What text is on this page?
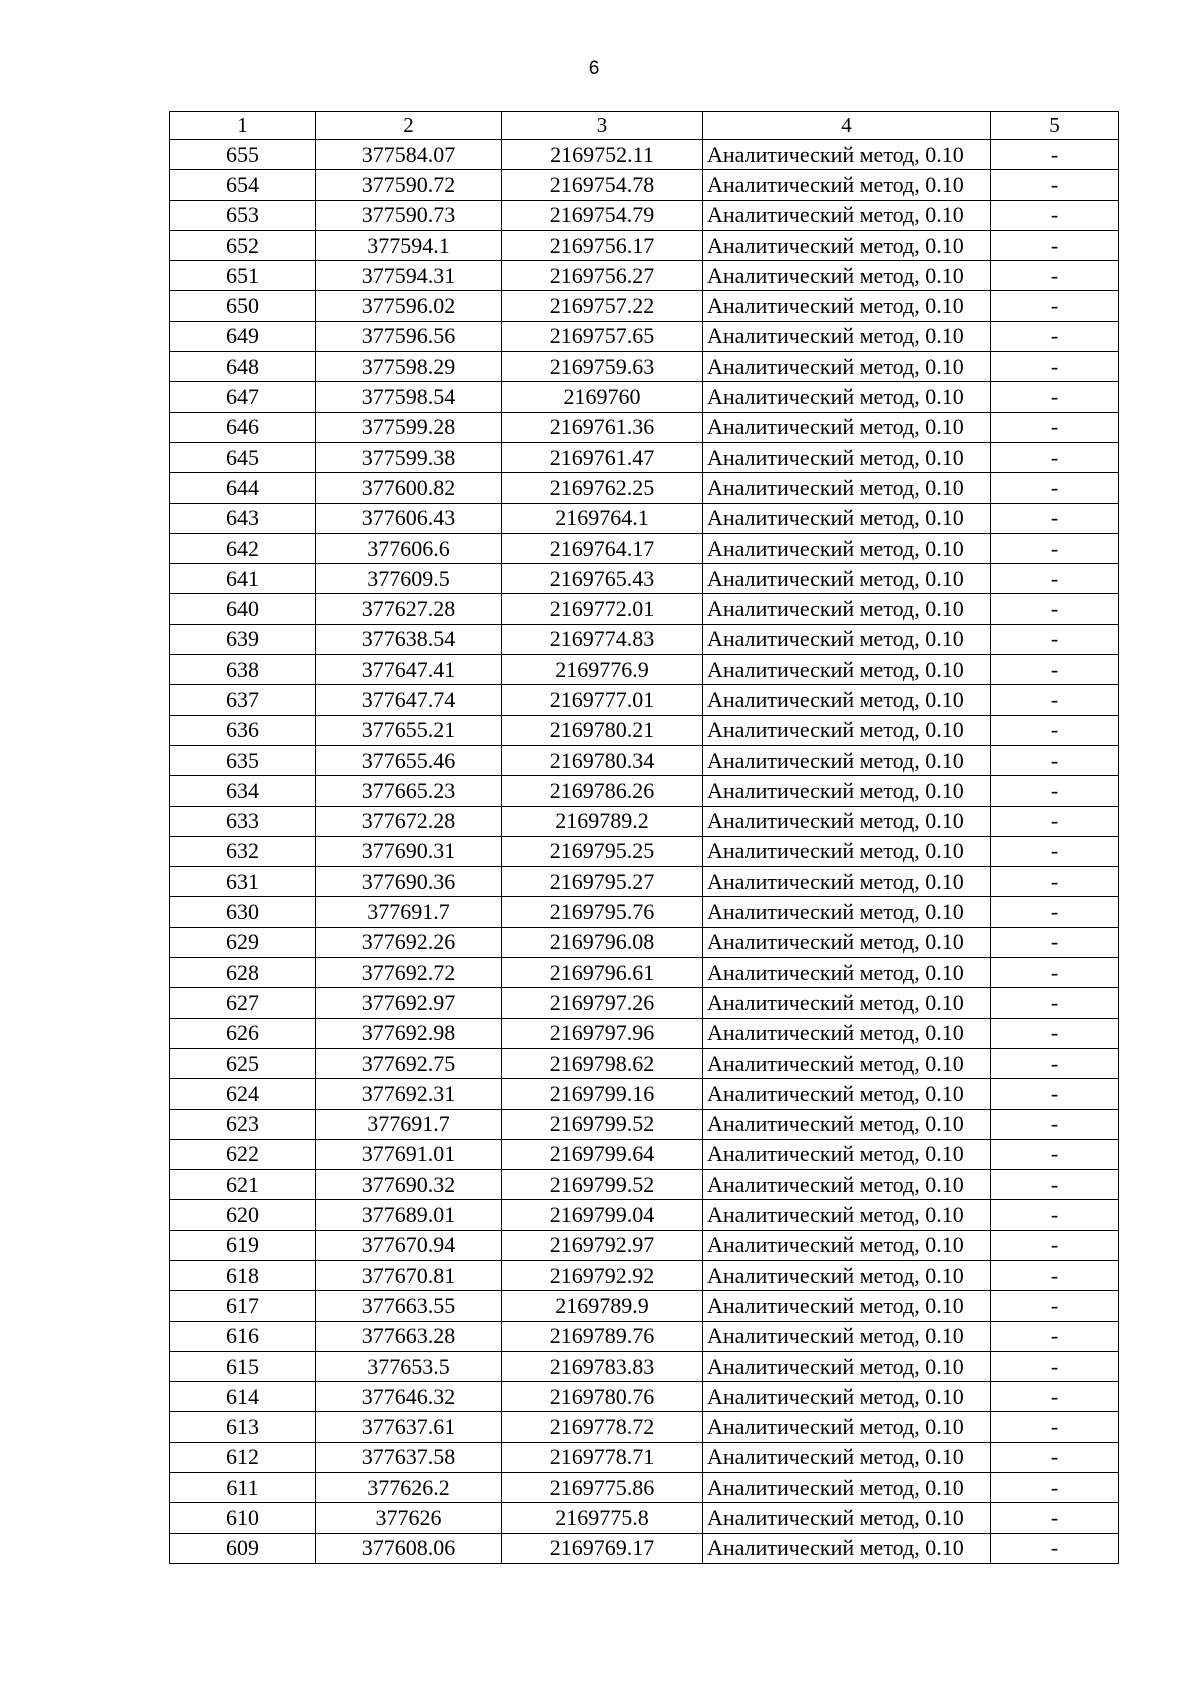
6
1	2	3	4	5
655	377584.07	2169752.11	Аналитический метод, 0.10	-
654	377590.72	2169754.78	Аналитический метод, 0.10	-
653	377590.73	2169754.79	Аналитический метод, 0.10	-
652	377594.1	2169756.17	Аналитический метод, 0.10	-
651	377594.31	2169756.27	Аналитический метод, 0.10	-
650	377596.02	2169757.22	Аналитический метод, 0.10	-
649	377596.56	2169757.65	Аналитический метод, 0.10	-
648	377598.29	2169759.63	Аналитический метод, 0.10	-
647	377598.54	2169760	Аналитический метод, 0.10	-
646	377599.28	2169761.36	Аналитический метод, 0.10	-
645	377599.38	2169761.47	Аналитический метод, 0.10	-
644	377600.82	2169762.25	Аналитический метод, 0.10	-
643	377606.43	2169764.1	Аналитический метод, 0.10	-
642	377606.6	2169764.17	Аналитический метод, 0.10	-
641	377609.5	2169765.43	Аналитический метод, 0.10	-
640	377627.28	2169772.01	Аналитический метод, 0.10	-
639	377638.54	2169774.83	Аналитический метод, 0.10	-
638	377647.41	2169776.9	Аналитический метод, 0.10	-
637	377647.74	2169777.01	Аналитический метод, 0.10	-
636	377655.21	2169780.21	Аналитический метод, 0.10	-
635	377655.46	2169780.34	Аналитический метод, 0.10	-
634	377665.23	2169786.26	Аналитический метод, 0.10	-
633	377672.28	2169789.2	Аналитический метод, 0.10	-
632	377690.31	2169795.25	Аналитический метод, 0.10	-
631	377690.36	2169795.27	Аналитический метод, 0.10	-
630	377691.7	2169795.76	Аналитический метод, 0.10	-
629	377692.26	2169796.08	Аналитический метод, 0.10	-
628	377692.72	2169796.61	Аналитический метод, 0.10	-
627	377692.97	2169797.26	Аналитический метод, 0.10	-
626	377692.98	2169797.96	Аналитический метод, 0.10	-
625	377692.75	2169798.62	Аналитический метод, 0.10	-
624	377692.31	2169799.16	Аналитический метод, 0.10	-
623	377691.7	2169799.52	Аналитический метод, 0.10	-
622	377691.01	2169799.64	Аналитический метод, 0.10	-
621	377690.32	2169799.52	Аналитический метод, 0.10	-
620	377689.01	2169799.04	Аналитический метод, 0.10	-
619	377670.94	2169792.97	Аналитический метод, 0.10	-
618	377670.81	2169792.92	Аналитический метод, 0.10	-
617	377663.55	2169789.9	Аналитический метод, 0.10	-
616	377663.28	2169789.76	Аналитический метод, 0.10	-
615	377653.5	2169783.83	Аналитический метод, 0.10	-
614	377646.32	2169780.76	Аналитический метод, 0.10	-
613	377637.61	2169778.72	Аналитический метод, 0.10	-
612	377637.58	2169778.71	Аналитический метод, 0.10	-
611	377626.2	2169775.86	Аналитический метод, 0.10	-
610	377626	2169775.8	Аналитический метод, 0.10	-
609	377608.06	2169769.17	Аналитический метод, 0.10	-
